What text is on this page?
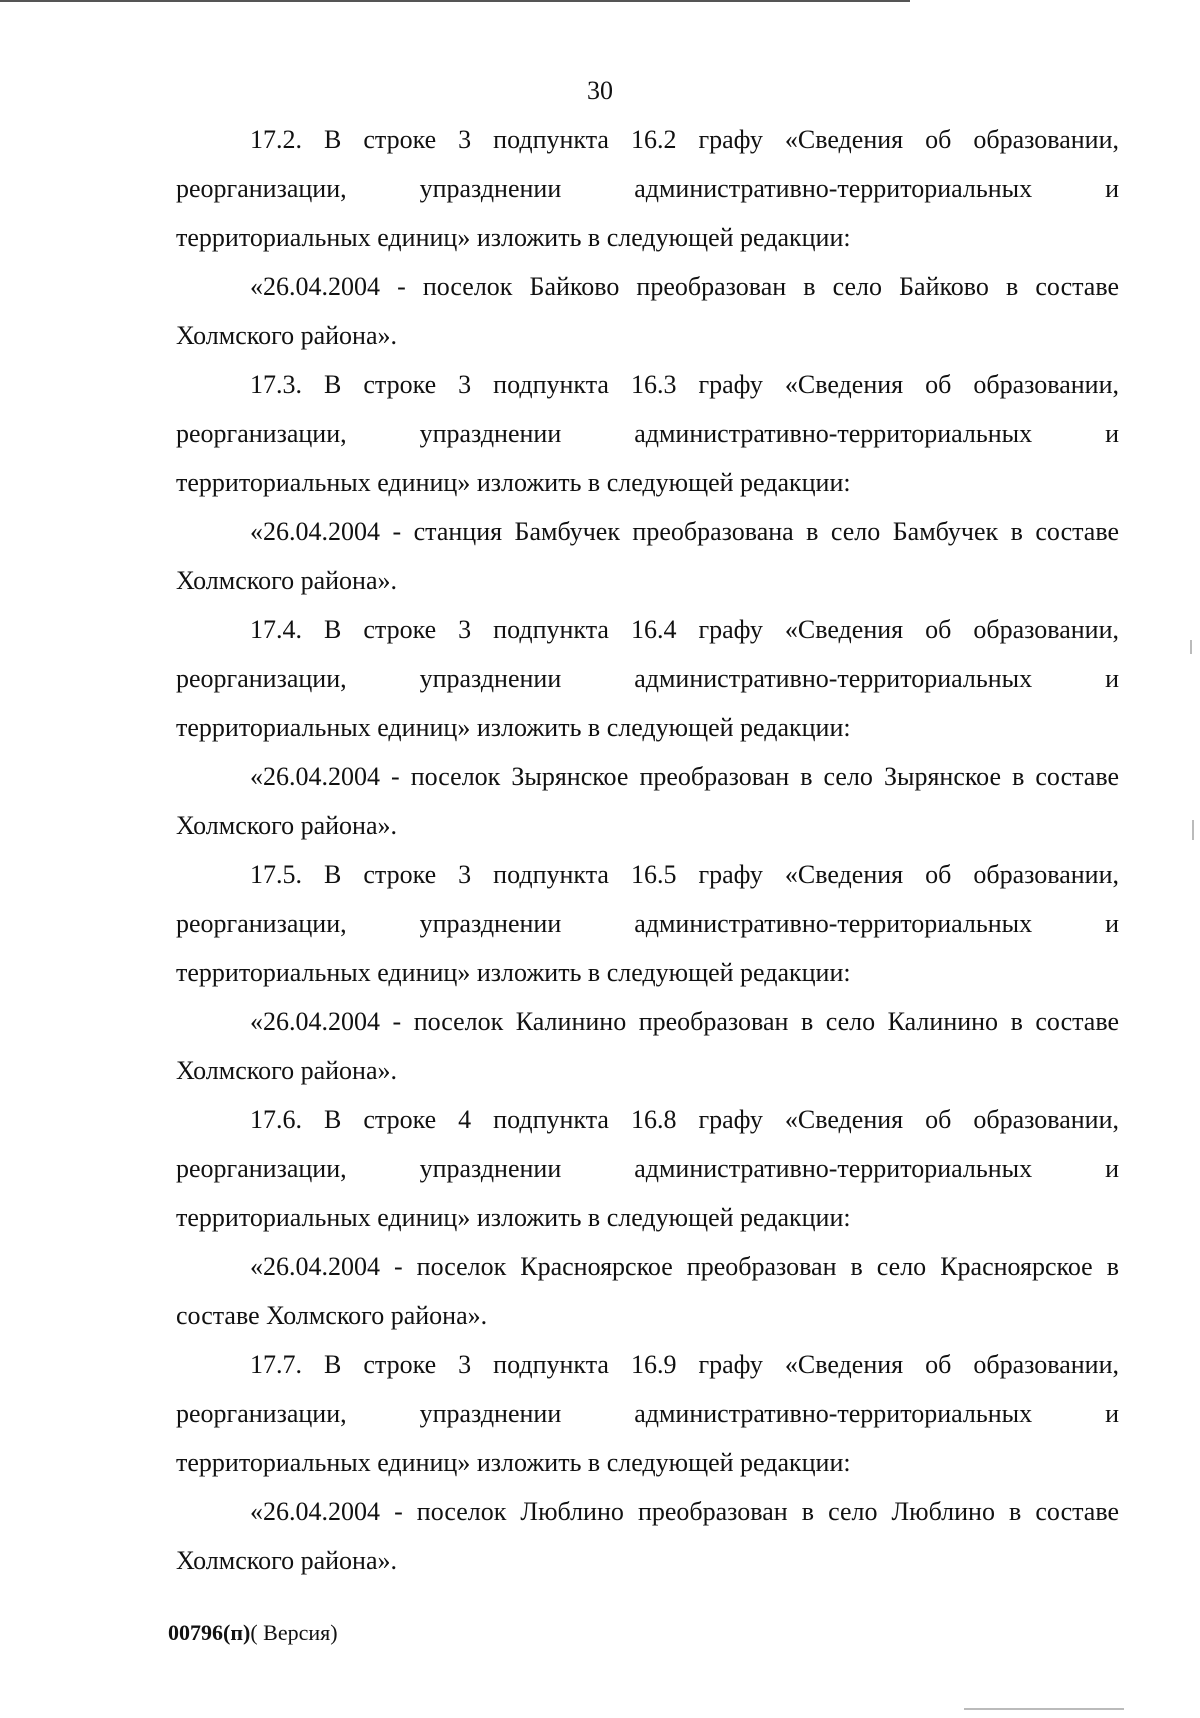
30

17.2. В строке 3 подпункта 16.2 графу «Сведения об образовании, реорганизации, упразднении административно-территориальных и территориальных единиц» изложить в следующей редакции:

«26.04.2004 - поселок Байково преобразован в село Байково в составе Холмского района».

17.3. В строке 3 подпункта 16.3 графу «Сведения об образовании, реорганизации, упразднении административно-территориальных и территориальных единиц» изложить в следующей редакции:

«26.04.2004 - станция Бамбучек преобразована в село Бамбучек в составе Холмского района».

17.4. В строке 3 подпункта 16.4 графу «Сведения об образовании, реорганизации, упразднении административно-территориальных и территориальных единиц» изложить в следующей редакции:

«26.04.2004 - поселок Зырянское преобразован в село Зырянское в составе Холмского района».

17.5. В строке 3 подпункта 16.5 графу «Сведения об образовании, реорганизации, упразднении административно-территориальных и территориальных единиц» изложить в следующей редакции:

«26.04.2004 - поселок Калинино преобразован в село Калинино в составе Холмского района».

17.6. В строке 4 подпункта 16.8 графу «Сведения об образовании, реорганизации, упразднении административно-территориальных и территориальных единиц» изложить в следующей редакции:

«26.04.2004 - поселок Красноярское преобразован в село Красноярское в составе Холмского района».

17.7. В строке 3 подпункта 16.9 графу «Сведения об образовании, реорганизации, упразднении административно-территориальных и территориальных единиц» изложить в следующей редакции:

«26.04.2004 - поселок Люблино преобразован в село Люблино в составе Холмского района».

00796(п)( Версия)
